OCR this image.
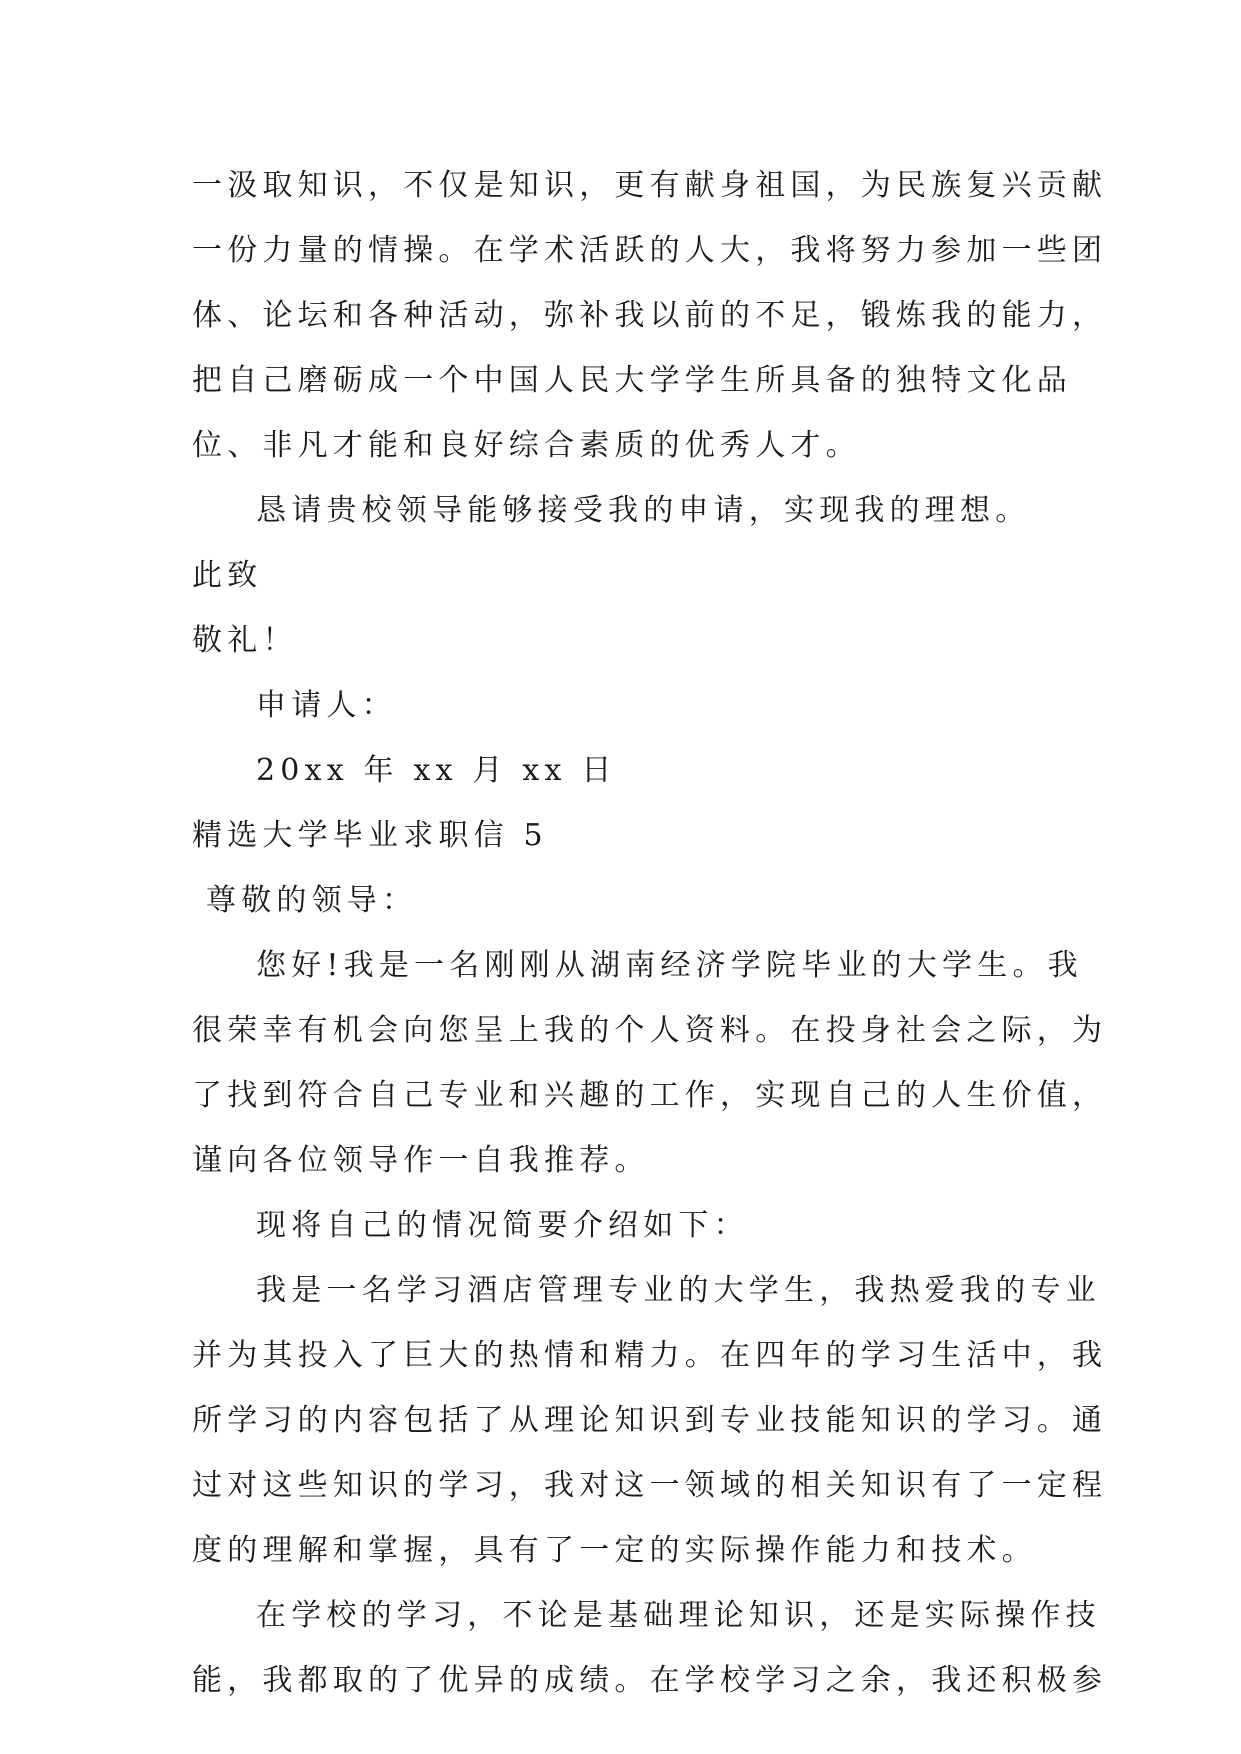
一汲取知识，不仅是知识，更有献身祖国，为民族复兴贡献
一份力量的情操。在学术活跃的人大，我将努力参加一些团
体、论坛和各种活动，弥补我以前的不足，锻炼我的能力，
把自己磨砺成一个中国人民大学学生所具备的独特文化品
位、非凡才能和良好综合素质的优秀人才。
恳请贵校领导能够接受我的申请，实现我的理想。
此致
敬礼！
申请人：
20xx 年 xx 月 xx 日
精选大学毕业求职信 5
尊敬的领导：
您好!我是一名刚刚从湖南经济学院毕业的大学生。我
很荣幸有机会向您呈上我的个人资料。在投身社会之际，为
了找到符合自己专业和兴趣的工作，实现自己的人生价值，
谨向各位领导作一自我推荐。
现将自己的情况简要介绍如下：
我是一名学习酒店管理专业的大学生，我热爱我的专业
并为其投入了巨大的热情和精力。在四年的学习生活中，我
所学习的内容包括了从理论知识到专业技能知识的学习。通
过对这些知识的学习，我对这一领域的相关知识有了一定程
度的理解和掌握，具有了一定的实际操作能力和技术。
在学校的学习，不论是基础理论知识，还是实际操作技
能，我都取的了优异的成绩。在学校学习之余，我还积极参
